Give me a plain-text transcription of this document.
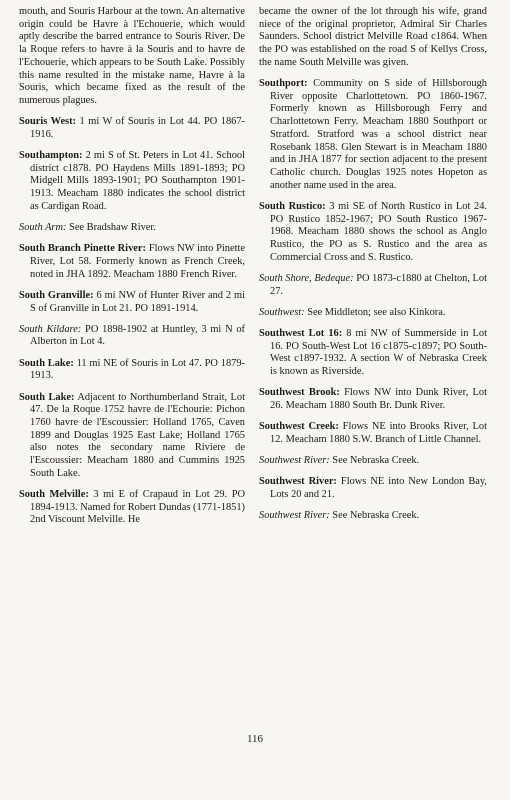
mouth, and Souris Harbour at the town. An alternative origin could be Havre à l'Echouerie, which would aptly describe the barred entrance to Souris River. De la Roque refers to havre à la Souris and to havre de l'Echouerie, which appears to be South Lake. Possibly this name resulted in the mistake name, Havre à la Souris, which became fixed as the result of the numerous plagues.

Souris West: 1 mi W of Souris in Lot 44. PO 1867-1916.

Southampton: 2 mi S of St. Peters in Lot 41. School district c1878. PO Haydens Mills 1891-1893; PO Midgell Mills 1893-1901; PO Southampton 1901-1913. Meacham 1880 indicates the school district as Cardigan Road.

South Arm: See Bradshaw River.

South Branch Pinette River: Flows NW into Pinette River, Lot 58. Formerly known as French Creek, noted in JHA 1892. Meacham 1880 French River.

South Granville: 6 mi NW of Hunter River and 2 mi S of Granville in Lot 21. PO 1891-1914.

South Kildare: PO 1898-1902 at Huntley, 3 mi N of Alberton in Lot 4.

South Lake: 11 mi NE of Souris in Lot 47. PO 1879-1913.

South Lake: Adjacent to Northumberland Strait, Lot 47. De la Roque 1752 havre de l'Echourie: Pichon 1760 havre de l'Escoussier: Holland 1765, Caven 1899 and Douglas 1925 East Lake; Holland 1765 also notes the secondary name Riviere de l'Escoussier: Meacham 1880 and Cummins 1925 South Lake.

South Melville: 3 mi E of Crapaud in Lot 29. PO 1894-1913. Named for Robert Dundas (1771-1851) 2nd Viscount Melville. He

became the owner of the lot through his wife, grand niece of the original proprietor, Admiral Sir Charles Saunders. School district Melville Road c1864. When the PO was established on the road S of Kellys Cross, the name South Melville was given.

Southport: Community on S side of Hillsborough River opposite Charlottetown. PO 1860-1967. Formerly known as Hillsborough Ferry and Charlottetown Ferry. Meacham 1880 Southport or Stratford. Stratford was a school district near Rosebank 1858. Glen Stewart is in Meacham 1880 and in JHA 1877 for section adjacent to the present Catholic church. Douglas 1925 notes Hopeton as another name used in the area.

South Rustico: 3 mi SE of North Rustico in Lot 24. PO Rustico 1852-1967; PO South Rustico 1967-1968. Meacham 1880 shows the school as Anglo Rustico, the PO as S. Rustico and the area as Commercial Cross and S. Rustico.

South Shore, Bedeque: PO 1873-c1880 at Chelton, Lot 27.

Southwest: See Middleton; see also Kinkora.

Southwest Lot 16: 8 mi NW of Summerside in Lot 16. PO South-West Lot 16 c1875-c1897; PO South-West c1897-1932. A section W of Nebraska Creek is known as Riverside.

Southwest Brook: Flows NW into Dunk River, Lot 26. Meacham 1880 South Br. Dunk River.

Southwest Creek: Flows NE into Brooks River, Lot 12. Meacham 1880 S.W. Branch of Little Channel.

Southwest River: See Nebraska Creek.

Southwest River: Flows NE into New London Bay, Lots 20 and 21.

Southwest River: See Nebraska Creek.

116
